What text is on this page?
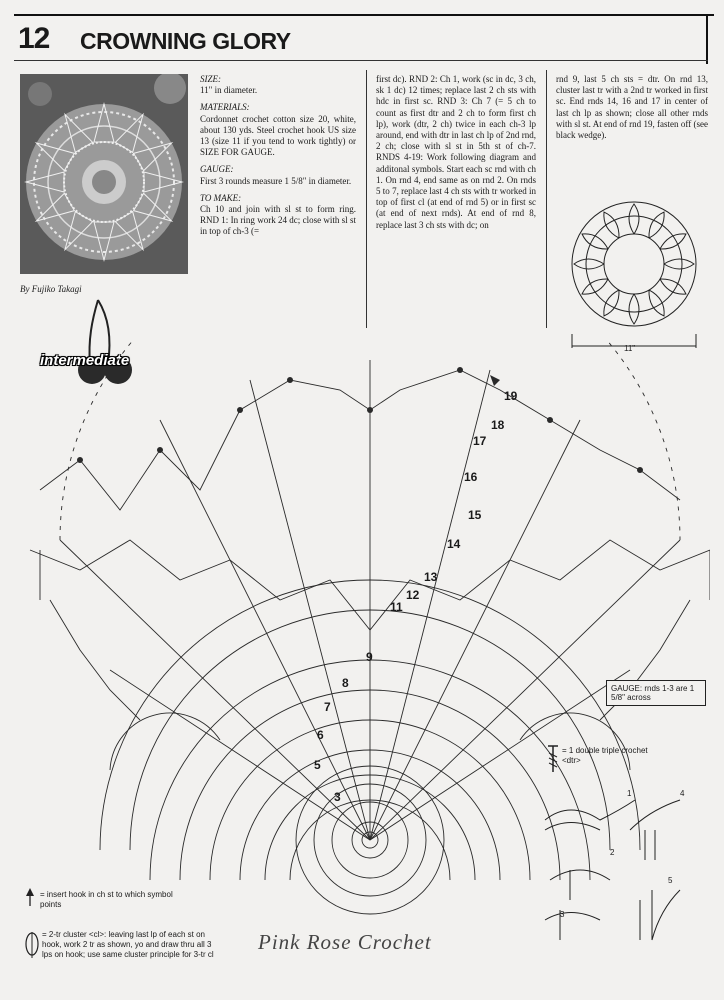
12 CROWNING GLORY
By Fujiko Takagi
SIZE:
11" in diameter.
MATERIALS:
Cordonnet crochet cotton size 20, white, about 130 yds. Steel crochet hook US size 13 (size 11 if you tend to work tightly) or SIZE FOR GAUGE.
GAUGE:
First 3 rounds measure 1 5/8" in diameter.
TO MAKE:
Ch 10 and join with sl st to form ring. RND 1: In ring work 24 dc; close with sl st in top of ch-3 (=
first dc). RND 2: Ch 1, work (sc in dc, 3 ch, sk 1 dc) 12 times; replace last 2 ch sts with hdc in first sc. RND 3: Ch 7 (= 5 ch to count as first dtr and 2 ch to form first ch lp), work (dtr, 2 ch) twice in each ch-3 lp around, end with dtr in last ch lp of 2nd rnd, 2 ch; close with sl st in 5th st of ch-7. RNDS 4-19: Work following diagram and additonal symbols. Start each sc rnd with ch 1. On rnd 4, end same as on rnd 2. On rnds 5 to 7, replace last 4 ch sts with tr worked in top of first cl (at end of rnd 5) or in first sc (at end of next rnds). At end of rnd 8, replace last 3 ch sts with dc; on
rnd 9, last 5 ch sts = dtr. On rnd 13, cluster last tr with a 2nd tr worked in first sc. End rnds 14, 16 and 17 in center of last ch lp as shown; close all other rnds with sl st. At end of rnd 19, fasten off (see black wedge).
11"
intermediate
19
18
17
16
15
14
13
12
11
9
8
7
6
5
3
GAUGE: rnds 1-3 are 1 5/8" across
= 1 double triple crochet <dtr>
1
2
3
4
5
= insert hook in ch st to which symbol points
= 2-tr cluster <cl>: leaving last lp of each st on hook, work 2 tr as shown, yo and draw thru all 3 lps on hook; use same cluster principle for 3-tr cl
Pink Rose Crochet
